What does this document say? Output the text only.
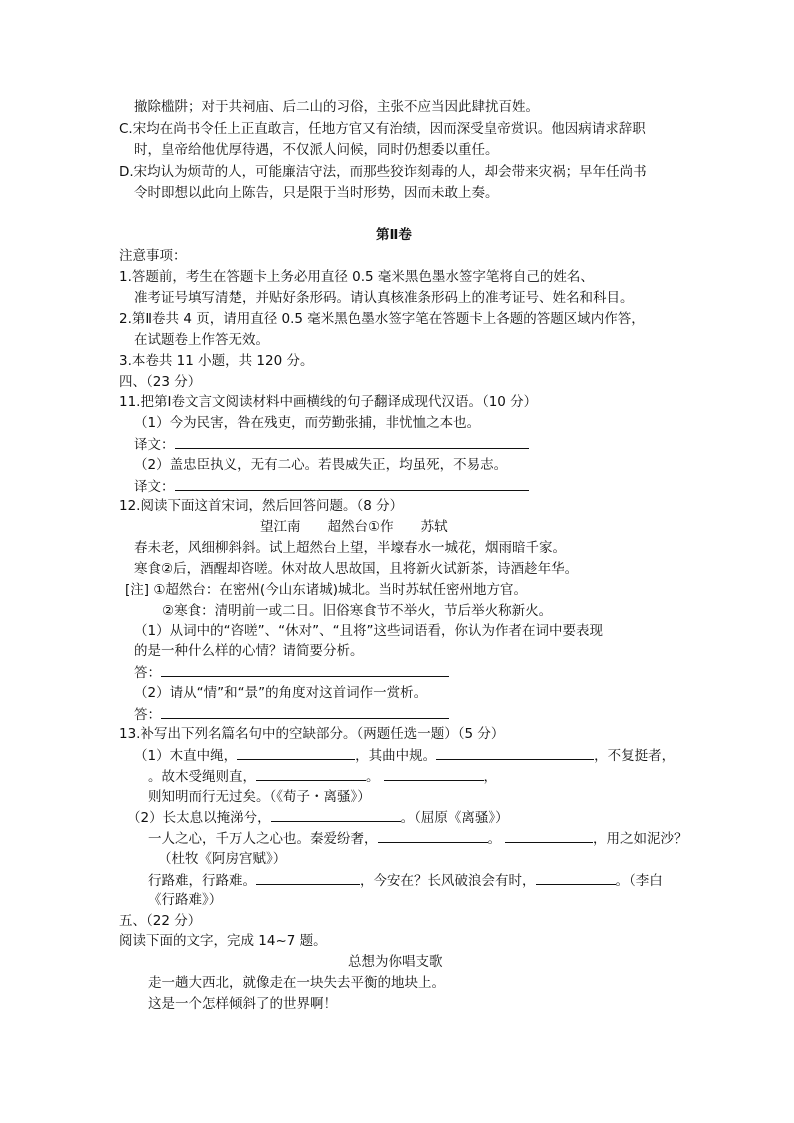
撤除槛阱；对于共祠庙、后二山的习俗，主张不应当因此肆扰百姓。
C.宋均在尚书令任上正直敢言，任地方官又有治绩，因而深受皇帝赏识。他因病请求辞职
时，皇帝给他优厚待遇，不仅派人问候，同时仍想委以重任。
D.宋均认为烦苛的人，可能廉洁守法，而那些狡诈刻毒的人，却会带来灾祸；早年任尚书
令时即想以此向上陈告，只是限于当时形势，因而未敢上奏。
第Ⅱ卷
注意事项：
1.答题前，考生在答题卡上务必用直径 0.5 毫米黑色墨水签字笔将自己的姓名、
准考证号填写清楚，并贴好条形码。请认真核准条形码上的准考证号、姓名和科目。
2.第Ⅱ卷共 4 页，请用直径 0.5 毫米黑色墨水签字笔在答题卡上各题的答题区域内作答，
在试题卷上作答无效。
3.本卷共 11 小题，共 120 分。
四、（23 分）
11.把第Ⅰ卷文言文阅读材料中画横线的句子翻译成现代汉语。（10 分）
（1）今为民害，咎在残吏，而劳勤张捕，非忧恤之本也。
译文：
（2）盖忠臣执义，无有二心。若畏威失正，均虽死，不易志。
译文：
12.阅读下面这首宋词，然后回答问题。（8 分）
望江南　　超然台①作　　苏轼
春未老，风细柳斜斜。试上超然台上望，半壕春水一城花，烟雨暗千家。
寒食②后，酒醒却咨嗟。休对故人思故国，且将新火试新茶，诗酒趁年华。
[注] ①超然台：在密州(今山东诸城)城北。当时苏轼任密州地方官。
②寒食：清明前一或二日。旧俗寒食节不举火，节后举火称新火。
（1）从词中的“咨嗟”、“休对”、“且将”这些词语看，你认为作者在词中要表现
的是一种什么样的心情？请简要分析。
答：
（2）请从“情”和“景”的角度对这首词作一赏析。
答：
13.补写出下列名篇名句中的空缺部分。（两题任选一题）（5 分）
（1）木直中绳，	，其曲中规。	，不复挺者，
。故木受绳则直，	。	，
则知明而行无过矣。（《荀子・离骚》）
（2）长太息以掩涕兮，	。（屈原《离骚》）
一人之心，千万人之心也。秦爱纷奢，	。	，用之如泥沙？
（杜牧《阿房宫赋》）
行路难，行路难。	，今安在？长风破浪会有时，	。（李白
《行路难》）
五、（22 分）
阅读下面的文字，完成 14~7 题。
总想为你唱支歌
走一趟大西北，就像走在一块失去平衡的地块上。
这是一个怎样倾斜了的世界啊！
